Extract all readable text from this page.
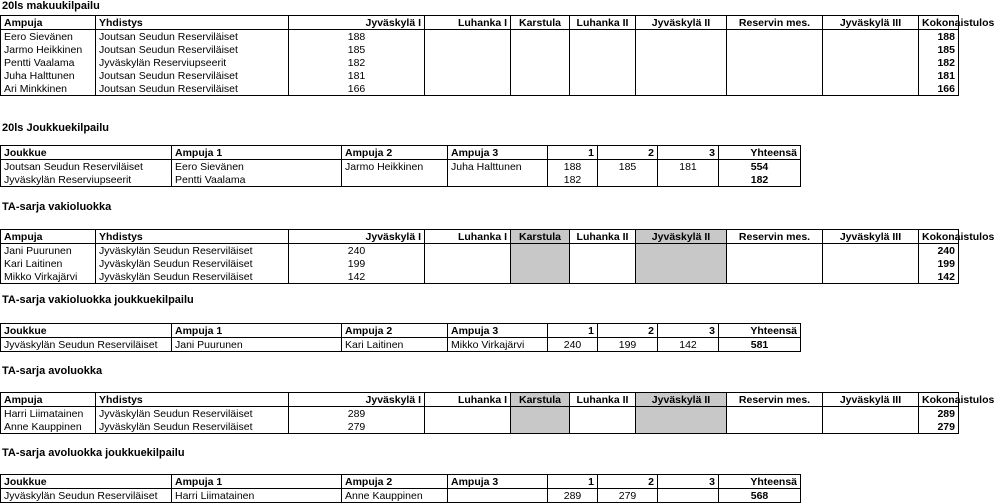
20ls makuukilpailu
Ampuja	Yhdistys	Jyväskylä I	Luhanka I	Karstula	Luhanka II	Jyväskylä II	Reservin mes.	Jyväskylä III	Kokonaistulos
Eero Sievänen	Joutsan Seudun Reserviläiset	188							188
Jarmo Heikkinen	Joutsan Seudun Reserviläiset	185							185
Pentti Vaalama	Jyväskylän Reserviupseerit	182							182
Juha Halttunen	Joutsan Seudun Reserviläiset	181							181
Ari Minkkinen	Joutsan Seudun Reserviläiset	166							166
20ls Joukkuekilpailu
Joukkue	Ampuja 1	Ampuja 2	Ampuja 3	1	2	3	Yhteensä
Joutsan Seudun Reserviläiset	Eero Sievänen	Jarmo Heikkinen	Juha Halttunen	188	185	181	554
Jyväskylän Reserviupseerit	Pentti Vaalama			182			182
TA-sarja vakioluokka
Ampuja	Yhdistys	Jyväskylä I	Luhanka I	Karstula	Luhanka II	Jyväskylä II	Reservin mes.	Jyväskylä III	Kokonaistulos
Jani Puurunen	Jyväskylän Seudun Reserviläiset	240							240
Kari Laitinen	Jyväskylän Seudun Reserviläiset	199							199
Mikko Virkajärvi	Jyväskylän Seudun Reserviläiset	142							142
TA-sarja vakioluokka joukkuekilpailu
Joukkue	Ampuja 1	Ampuja 2	Ampuja 3	1	2	3	Yhteensä
Jyväskylän Seudun Reserviläiset	Jani Puurunen	Kari Laitinen	Mikko Virkajärvi	240	199	142	581
TA-sarja avoluokka
Ampuja	Yhdistys	Jyväskylä I	Luhanka I	Karstula	Luhanka II	Jyväskylä II	Reservin mes.	Jyväskylä III	Kokonaistulos
Harri Liimatainen	Jyväskylän Seudun Reserviläiset	289							289
Anne Kauppinen	Jyväskylän Seudun Reserviläiset	279							279
TA-sarja avoluokka joukkuekilpailu
Joukkue	Ampuja 1	Ampuja 2	Ampuja 3	1	2	3	Yhteensä
Jyväskylän Seudun Reserviläiset	Harri Liimatainen	Anne Kauppinen		289	279		568
